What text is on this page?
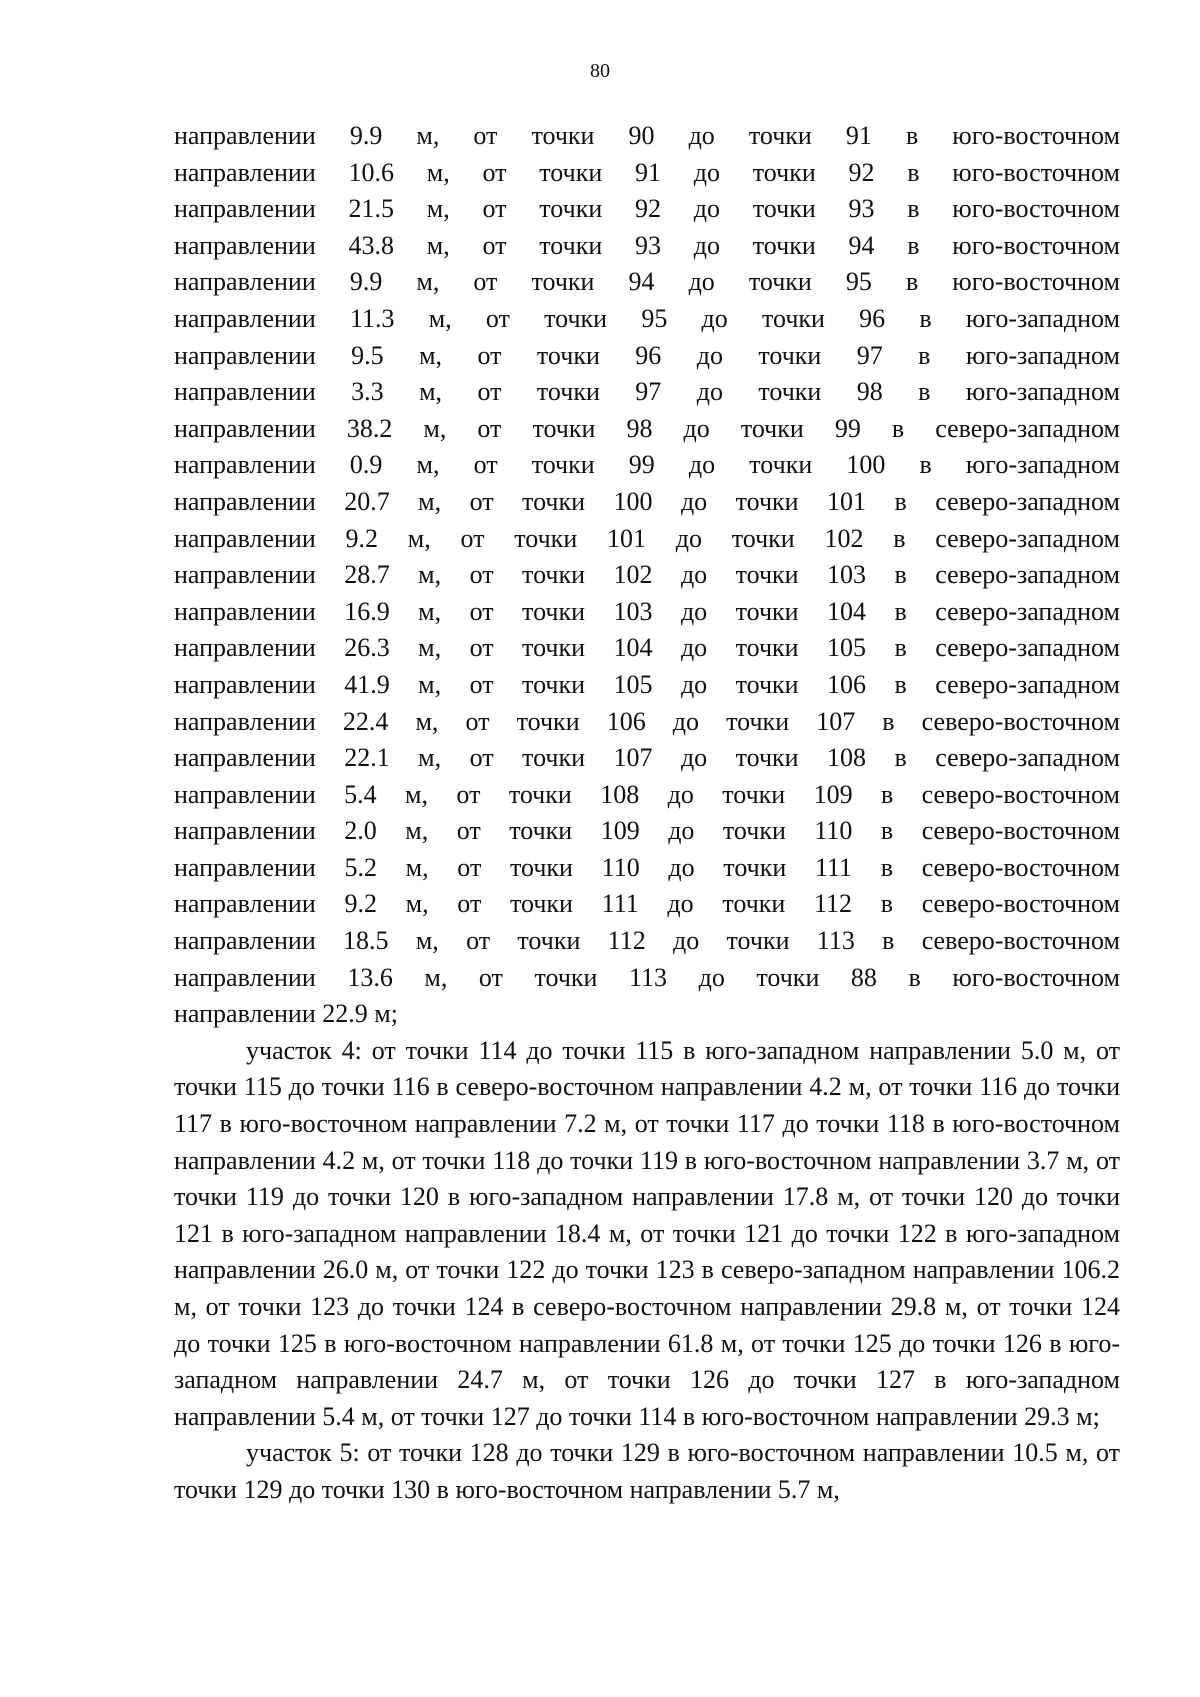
80
направлении 9.9 м, от точки 90 до точки 91 в юго-восточном
направлении 10.6 м, от точки 91 до точки 92 в юго-восточном
направлении 21.5 м, от точки 92 до точки 93 в юго-восточном
направлении 43.8 м, от точки 93 до точки 94 в юго-восточном
направлении 9.9 м, от точки 94 до точки 95 в юго-восточном
направлении 11.3 м, от точки 95 до точки 96 в юго-западном
направлении 9.5 м, от точки 96 до точки 97 в юго-западном
направлении 3.3 м, от точки 97 до точки 98 в юго-западном
направлении 38.2 м, от точки 98 до точки 99 в северо-западном
направлении 0.9 м, от точки 99 до точки 100 в юго-западном
направлении 20.7 м, от точки 100 до точки 101 в северо-западном
направлении 9.2 м, от точки 101 до точки 102 в северо-западном
направлении 28.7 м, от точки 102 до точки 103 в северо-западном
направлении 16.9 м, от точки 103 до точки 104 в северо-западном
направлении 26.3 м, от точки 104 до точки 105 в северо-западном
направлении 41.9 м, от точки 105 до точки 106 в северо-западном
направлении 22.4 м, от точки 106 до точки 107 в северо-восточном
направлении 22.1 м, от точки 107 до точки 108 в северо-западном
направлении 5.4 м, от точки 108 до точки 109 в северо-восточном
направлении 2.0 м, от точки 109 до точки 110 в северо-восточном
направлении 5.2 м, от точки 110 до точки 111 в северо-восточном
направлении 9.2 м, от точки 111 до точки 112 в северо-восточном
направлении 18.5 м, от точки 112 до точки 113 в северо-восточном
направлении 13.6 м, от точки 113 до точки 88 в юго-восточном
направлении 22.9 м;

участок 4: от точки 114 до точки 115 в юго-западном направлении 5.0 м, от точки 115 до точки 116 в северо-восточном направлении 4.2 м, от точки 116 до точки 117 в юго-восточном направлении 7.2 м, от точки 117 до точки 118 в юго-восточном направлении 4.2 м, от точки 118 до точки 119 в юго-восточном направлении 3.7 м, от точки 119 до точки 120 в юго-западном направлении 17.8 м, от точки 120 до точки 121 в юго-западном направлении 18.4 м, от точки 121 до точки 122 в юго-западном направлении 26.0 м, от точки 122 до точки 123 в северо-западном направлении 106.2 м, от точки 123 до точки 124 в северо-восточном направлении 29.8 м, от точки 124 до точки 125 в юго-восточном направлении 61.8 м, от точки 125 до точки 126 в юго-западном направлении 24.7 м, от точки 126 до точки 127 в юго-западном направлении 5.4 м, от точки 127 до точки 114 в юго-восточном направлении 29.3 м;

участок 5: от точки 128 до точки 129 в юго-восточном направлении 10.5 м, от точки 129 до точки 130 в юго-восточном направлении 5.7 м,
